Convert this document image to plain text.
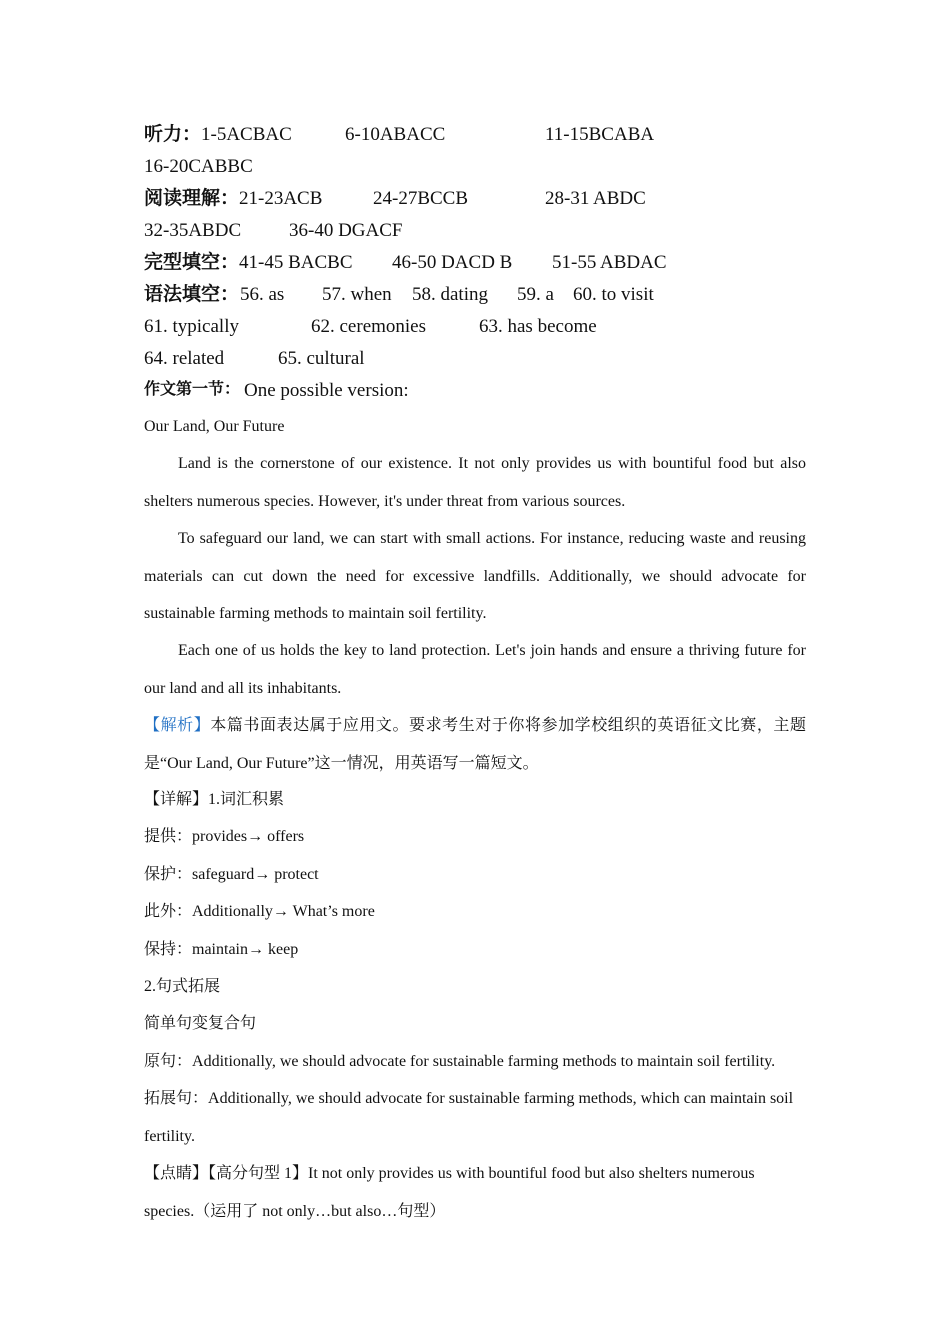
听力： 1-5ACBAC	6-10ABACC	11-15BCABA
16-20CABBC
阅读理解： 21-23ACB	24-27BCCB	28-31 ABDC
32-35ABDC	36-40 DGACF
完型填空： 41-45 BACBC 46-50 DACD B 51-55 ABDAC
语法填空： 56. as 57. when 58. dating 59. a 60. to visit
61. typically	62. ceremonies	63. has become
64. related	65. cultural
作文第一节： One possible version:
Our Land, Our Future
Land is the cornerstone of our existence. It not only provides us with bountiful food but also shelters numerous species. However, it's under threat from various sources.
To safeguard our land, we can start with small actions. For instance, reducing waste and reusing materials can cut down the need for excessive landfills. Additionally, we should advocate for sustainable farming methods to maintain soil fertility.
Each one of us holds the key to land protection. Let's join hands and ensure a thriving future for our land and all its inhabitants.
【解析】本篇书面表达属于应用文。要求考生对于你将参加学校组织的英语征文比赛，主题是“Our Land, Our Future”这一情况，用英语写一篇短文。
【详解】1.词汇积累
提供：provides→ offers
保护：safeguard→ protect
此外：Additionally→ What’s more
保持：maintain→ keep
2.句式拓展
简单句变复合句
原句：Additionally, we should advocate for sustainable farming methods to maintain soil fertility.
拓展句：Additionally, we should advocate for sustainable farming methods, which can maintain soil fertility.
【点睛】【高分句型 1】It not only provides us with bountiful food but also shelters numerous species.（运用了 not only…but also…句型）
